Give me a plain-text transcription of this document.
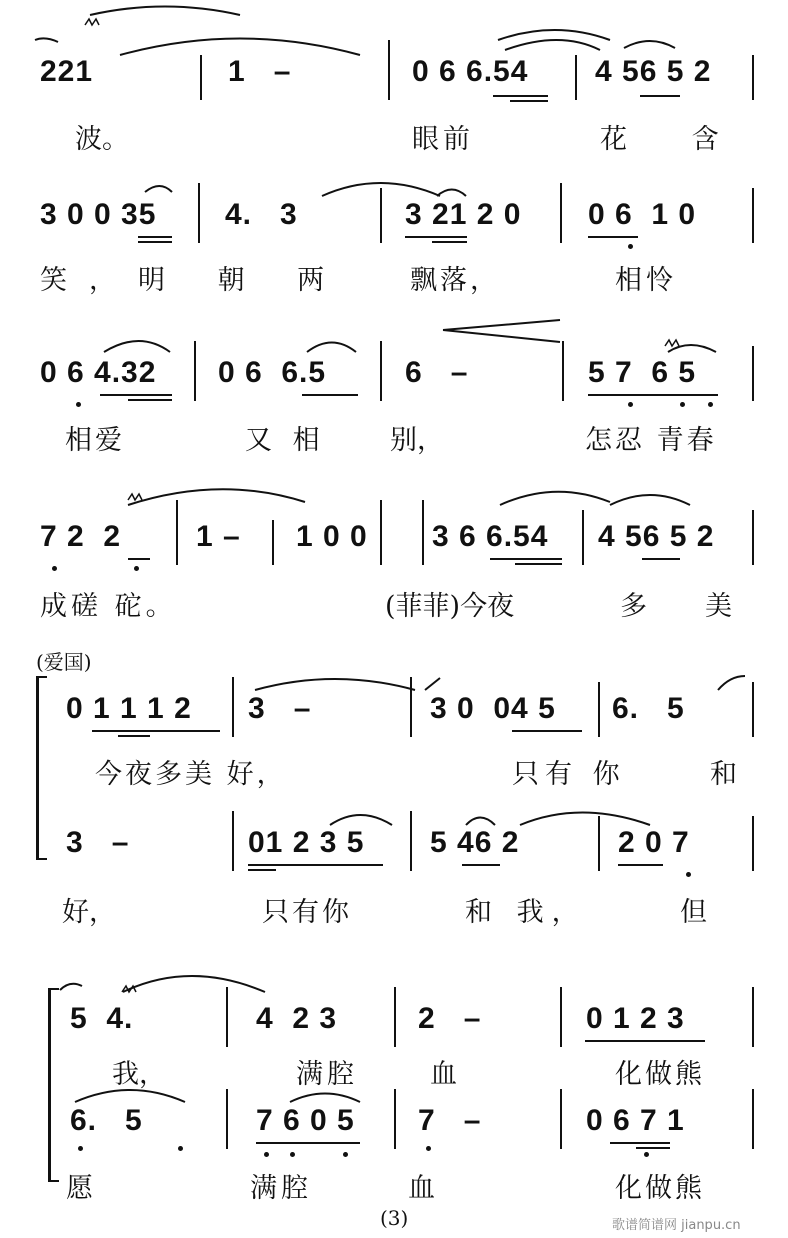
221	1   –	0 6 6.54 4 56 5 2
波。	眼前	花 含
3 0 0 35 4.   3	3 21 2 0 0 6  1 0
笑，明 朝 两 飘落，	相怜
0 6 4.32 0 6  6.5	6   –	5 7  6 5
相爱	又 相 别，	怎忍 青春
7 2  2 1 – 1 0 0 3 6 6.54 4 56 5 2
成磋 砣。	(菲菲)今夜	多 美
(爱国)
0 1 1 1 2 3   –	3 0  04 5 6.   5
今夜多美 好，	只有 你	和
3   –	01 2 3 5 5 46 2	2 0 7
好，	只有你	和 我，	但
5  4.	4  2 3	2   –	0 1 2 3
我，	满腔	血	化做熊
6.   5	7 6 0 5 7   –	0 6 7 1
愿	满腔	血	化做熊
(3)	歌谱简谱网 jianpu.cn
